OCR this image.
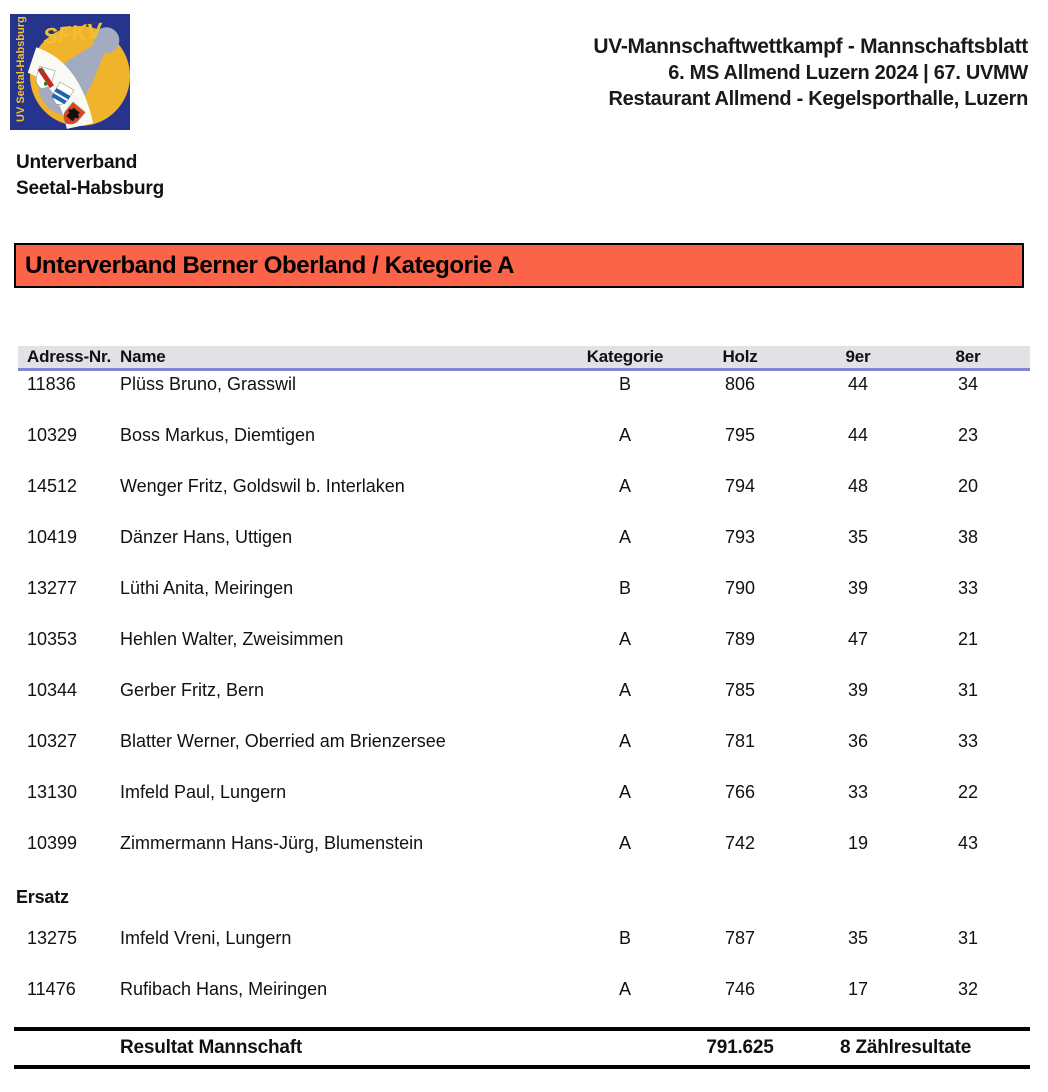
SFKV
UV Seetal-Habsburg	UV-Mannschaftwettkampf - Mannschaftsblatt
6. MS Allmend Luzern 2024 | 67. UVMW
Restaurant Allmend - Kegelsporthalle, Luzern
Unterverband
Seetal-Habsburg
Unterverband Berner Oberland / Kategorie A
Adress-Nr. Name	Kategorie	Holz	9er	8er
11836	Plüss Bruno, Grasswil	B	806	44	34
10329	Boss Markus, Diemtigen	A	795	44	23
14512	Wenger Fritz, Goldswil b. Interlaken	A	794	48	20
10419	Dänzer Hans, Uttigen	A	793	35	38
13277	Lüthi Anita, Meiringen	B	790	39	33
10353	Hehlen Walter, Zweisimmen	A	789	47	21
10344	Gerber Fritz, Bern	A	785	39	31
10327	Blatter Werner, Oberried am Brienzersee	A	781	36	33
13130	Imfeld Paul, Lungern	A	766	33	22
10399	Zimmermann Hans-Jürg, Blumenstein	A	742	19	43
Ersatz
13275	Imfeld Vreni, Lungern	B	787	35	31
11476	Rufibach Hans, Meiringen	A	746	17	32
Resultat Mannschaft	791.625	8 Zählresultate
